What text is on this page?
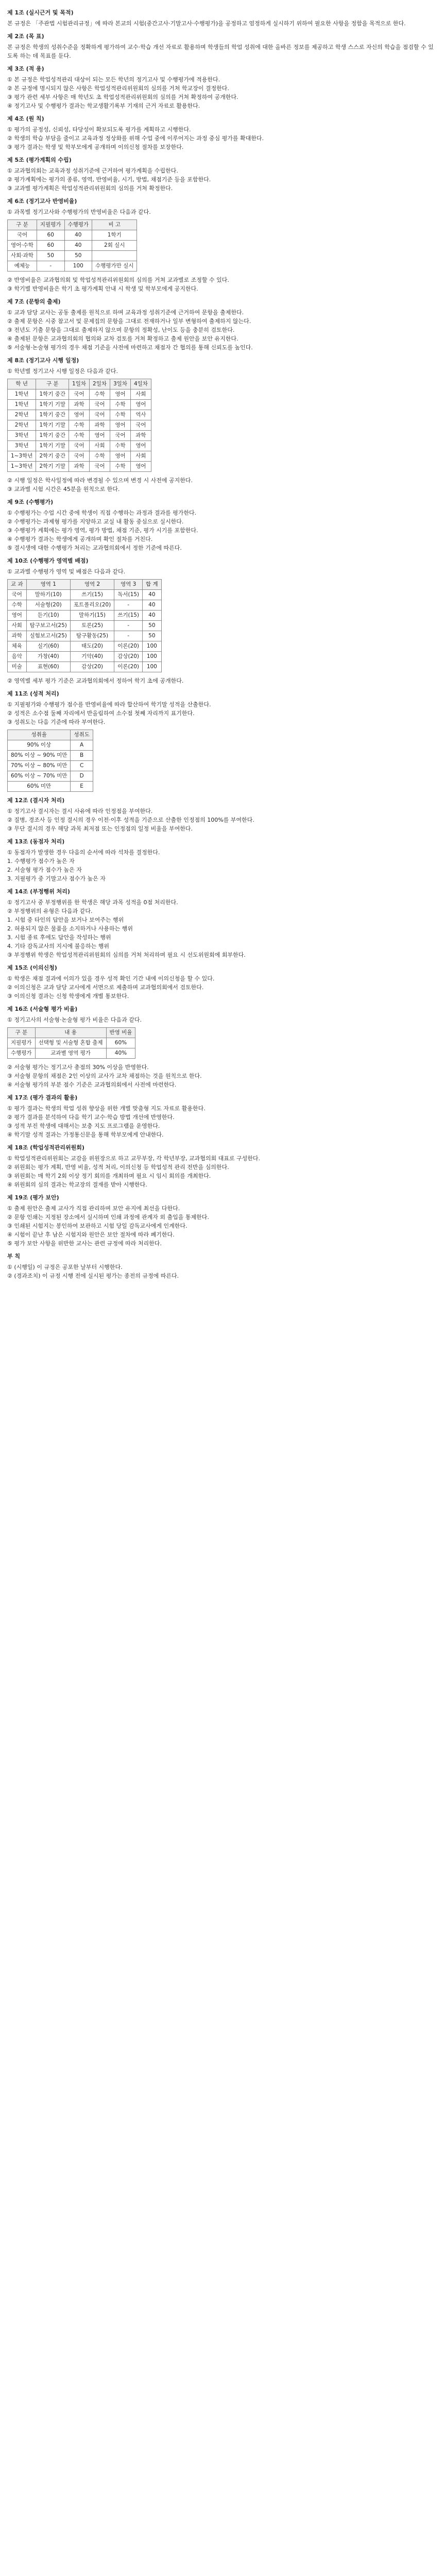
제 1조 (실시근거 및 목적)
본 규정은 「주관법 시험관리규정」에 따라 본교의 시험(중간고사·기말고사·수행평가)을 공정하고 엄정하게 실시하기 위하여 필요한 사항을 정함을 목적으로 한다.
제 2조 (목 표)
본 규정은 학생의 성취수준을 정확하게 평가하여 교수·학습 개선 자료로 활용하며 학생들의 학업 성취에 대한 올바른 정보를 제공하고 학생 스스로 자신의 학습을 점검할 수 있도록 하는 데 목표를 둔다.
제 3조 (적 용)
① 본 규정은 학업성적관리 대상이 되는 모든 학년의 정기고사 및 수행평가에 적용한다.
② 본 규정에 명시되지 않은 사항은 학업성적관리위원회의 심의를 거쳐 학교장이 결정한다.
③ 평가 관련 세부 사항은 매 학년도 초 학업성적관리위원회의 심의를 거쳐 확정하여 공개한다.
④ 정기고사 및 수행평가 결과는 학교생활기록부 기재의 근거 자료로 활용한다.
제 4조 (원 칙)
① 평가의 공정성, 신뢰성, 타당성이 확보되도록 평가를 계획하고 시행한다.
② 학생의 학습 부담을 줄이고 교육과정 정상화를 위해 수업 중에 이루어지는 과정 중심 평가를 확대한다.
③ 평가 결과는 학생 및 학부모에게 공개하며 이의신청 절차를 보장한다.
제 5조 (평가계획의 수립)
① 교과협의회는 교육과정 성취기준에 근거하여 평가계획을 수립한다.
② 평가계획에는 평가의 종류, 영역, 반영비율, 시기, 방법, 채점기준 등을 포함한다.
③ 교과별 평가계획은 학업성적관리위원회의 심의를 거쳐 확정한다.
제 6조 (정기고사 반영비율)
① 과목별 정기고사와 수행평가의 반영비율은 다음과 같다.
구 분	지필평가	수행평가	비 고
국어	60	40	1학기
영어·수학	60	40	2회 실시
사회·과학	50	50	
예체능	-	100	수행평가만 실시
② 반영비율은 교과협의회 및 학업성적관리위원회의 심의를 거쳐 교과별로 조정할 수 있다.
③ 학기별 반영비율은 학기 초 평가계획 안내 시 학생 및 학부모에게 공지한다.
제 7조 (문항의 출제)
① 교과 담당 교사는 공동 출제를 원칙으로 하며 교육과정 성취기준에 근거하여 문항을 출제한다.
② 출제 문항은 시중 참고서 및 문제집의 문항을 그대로 전재하거나 일부 변형하여 출제하지 않는다.
③ 전년도 기출 문항을 그대로 출제하지 않으며 문항의 정확성, 난이도 등을 충분히 검토한다.
④ 출제된 문항은 교과협의회의 협의와 교차 검토를 거쳐 확정하고 출제 원안을 보안 유지한다.
⑤ 서술형·논술형 평가의 경우 채점 기준을 사전에 마련하고 채점자 간 협의를 통해 신뢰도를 높인다.
제 8조 (정기고사 시행 일정)
① 학년별 정기고사 시행 일정은 다음과 같다.
학 년	구 분	1일차	2일차	3일차	4일차
1학년	1학기 중간	국어	수학	영어	사회
1학년	1학기 기말	과학	국어	수학	영어
2학년	1학기 중간	영어	국어	수학	역사
2학년	1학기 기말	수학	과학	영어	국어
3학년	1학기 중간	수학	영어	국어	과학
3학년	1학기 기말	국어	사회	수학	영어
1~3학년	2학기 중간	국어	수학	영어	사회
1~3학년	2학기 기말	과학	국어	수학	영어
② 시행 일정은 학사일정에 따라 변경될 수 있으며 변경 시 사전에 공지한다.
③ 교과별 시험 시간은 45분을 원칙으로 한다.
제 9조 (수행평가)
① 수행평가는 수업 시간 중에 학생이 직접 수행하는 과정과 결과를 평가한다.
② 수행평가는 과제형 평가를 지양하고 교실 내 활동 중심으로 실시한다.
③ 수행평가 계획에는 평가 영역, 평가 방법, 채점 기준, 평가 시기를 포함한다.
④ 수행평가 결과는 학생에게 공개하며 확인 절차를 거친다.
⑤ 결시생에 대한 수행평가 처리는 교과협의회에서 정한 기준에 따른다.
제 10조 (수행평가 영역별 배점)
① 교과별 수행평가 영역 및 배점은 다음과 같다.
교 과	영역 1	영역 2	영역 3	합 계
국어	말하기(10)	쓰기(15)	독서(15)	40
수학	서술형(20)	포트폴리오(20)	-	40
영어	듣기(10)	말하기(15)	쓰기(15)	40
사회	탐구보고서(25)	토론(25)	-	50
과학	실험보고서(25)	탐구활동(25)	-	50
체육	실기(60)	태도(20)	이론(20)	100
음악	가창(40)	기악(40)	감상(20)	100
미술	표현(60)	감상(20)	이론(20)	100
② 영역별 세부 평가 기준은 교과협의회에서 정하여 학기 초에 공개한다.
제 11조 (성적 처리)
① 지필평가와 수행평가 점수를 반영비율에 따라 합산하여 학기말 성적을 산출한다.
② 성적은 소수점 둘째 자리에서 반올림하여 소수점 첫째 자리까지 표기한다.
③ 성취도는 다음 기준에 따라 부여한다.
성취율	성취도
90% 이상	A
80% 이상 ~ 90% 미만	B
70% 이상 ~ 80% 미만	C
60% 이상 ~ 70% 미만	D
60% 미만	E
제 12조 (결시자 처리)
① 정기고사 결시자는 결시 사유에 따라 인정점을 부여한다.
② 질병, 경조사 등 인정 결시의 경우 이전·이후 성적을 기준으로 산출한 인정점의 100%를 부여한다.
③ 무단 결시의 경우 해당 과목 최저점 또는 인정점의 일정 비율을 부여한다.
제 13조 (동점자 처리)
① 동점자가 발생한 경우 다음의 순서에 따라 석차를 결정한다.
1. 수행평가 점수가 높은 자
2. 서술형 평가 점수가 높은 자
3. 지필평가 중 기말고사 점수가 높은 자
제 14조 (부정행위 처리)
① 정기고사 중 부정행위를 한 학생은 해당 과목 성적을 0점 처리한다.
② 부정행위의 유형은 다음과 같다.
1. 시험 중 타인의 답안을 보거나 보여주는 행위
2. 허용되지 않은 물품을 소지하거나 사용하는 행위
3. 시험 종료 후에도 답안을 작성하는 행위
4. 기타 감독교사의 지시에 불응하는 행위
③ 부정행위 학생은 학업성적관리위원회의 심의를 거쳐 처리하며 필요 시 선도위원회에 회부한다.
제 15조 (이의신청)
① 학생은 채점 결과에 이의가 있을 경우 성적 확인 기간 내에 이의신청을 할 수 있다.
② 이의신청은 교과 담당 교사에게 서면으로 제출하며 교과협의회에서 검토한다.
③ 이의신청 결과는 신청 학생에게 개별 통보한다.
제 16조 (서술형 평가 비율)
① 정기고사의 서술형·논술형 평가 비율은 다음과 같다.
구 분	내 용	반영 비율
지필평가	선택형 및 서술형 혼합 출제	60%
수행평가	교과별 영역 평가	40%
② 서술형 평가는 정기고사 총점의 30% 이상을 반영한다.
③ 서술형 문항의 채점은 2인 이상의 교사가 교차 채점하는 것을 원칙으로 한다.
④ 서술형 평가의 부분 점수 기준은 교과협의회에서 사전에 마련한다.
제 17조 (평가 결과의 활용)
① 평가 결과는 학생의 학업 성취 향상을 위한 개별 맞춤형 지도 자료로 활용한다.
② 평가 결과를 분석하여 다음 학기 교수·학습 방법 개선에 반영한다.
③ 성적 부진 학생에 대해서는 보충 지도 프로그램을 운영한다.
④ 학기말 성적 결과는 가정통신문을 통해 학부모에게 안내한다.
제 18조 (학업성적관리위원회)
① 학업성적관리위원회는 교감을 위원장으로 하고 교무부장, 각 학년부장, 교과협의회 대표로 구성한다.
② 위원회는 평가 계획, 반영 비율, 성적 처리, 이의신청 등 학업성적 관리 전반을 심의한다.
③ 위원회는 매 학기 2회 이상 정기 회의를 개최하며 필요 시 임시 회의를 개최한다.
④ 위원회의 심의 결과는 학교장의 결재를 받아 시행한다.
제 19조 (평가 보안)
① 출제 원안은 출제 교사가 직접 관리하며 보안 유지에 최선을 다한다.
② 문항 인쇄는 지정된 장소에서 실시하며 인쇄 과정에 관계자 외 출입을 통제한다.
③ 인쇄된 시험지는 봉인하여 보관하고 시험 당일 감독교사에게 인계한다.
④ 시험이 끝난 후 남은 시험지와 원안은 보안 절차에 따라 폐기한다.
⑤ 평가 보안 사항을 위반한 교사는 관련 규정에 따라 처리한다.
부 칙
① (시행일) 이 규정은 공포한 날부터 시행한다.
② (경과조치) 이 규정 시행 전에 실시된 평가는 종전의 규정에 따른다.
